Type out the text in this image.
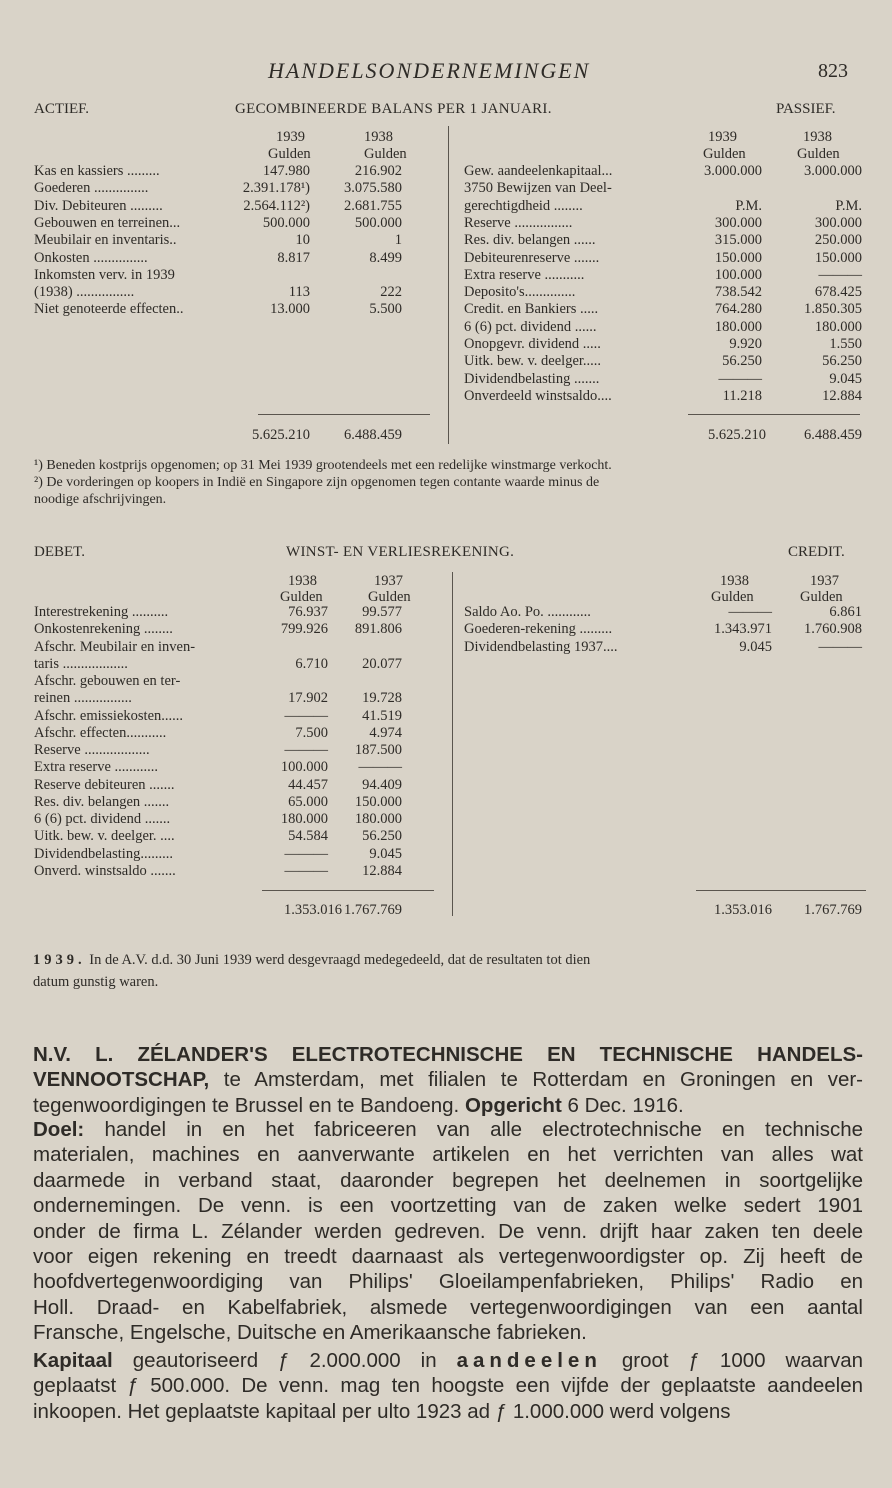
HANDELSONDERNEMINGEN	823
ACTIEF.	GECOMBINEERDE BALANS PER 1 JANUARI.	PASSIEF.
1939	1938
Gulden	Gulden
1939	1938
Gulden	Gulden
Kas en kassiers .........	147.980	216.902
Goederen ...............	2.391.178¹)	3.075.580
Div. Debiteuren .........	2.564.112²)	2.681.755
Gebouwen en terreinen...	500.000	500.000
Meubilair en inventaris..	10	1
Onkosten ...............	8.817	8.499
Inkomsten verv. in 1939
(1938) ................	113	222
Niet genoteerde effecten..	13.000	5.500
Gew. aandeelenkapitaal...	3.000.000	3.000.000
3750 Bewijzen van Deel-
gerechtigdheid ........	P.M.	P.M.
Reserve ................	300.000	300.000
Res. div. belangen ......	315.000	250.000
Debiteurenreserve .......	150.000	150.000
Extra reserve ...........	100.000	———
Deposito's..............	738.542	678.425
Credit. en Bankiers .....	764.280	1.850.305
6 (6) pct. dividend ......	180.000	180.000
Onopgevr. dividend .....	9.920	1.550
Uitk. bew. v. deelger.....	56.250	56.250
Dividendbelasting .......	———	9.045
Onverdeeld winstsaldo....	11.218	12.884
5.625.210	6.488.459	5.625.210	6.488.459
¹) Beneden kostprijs opgenomen; op 31 Mei 1939 grootendeels met een redelijke winstmarge verkocht.
²) De vorderingen op koopers in Indië en Singapore zijn opgenomen tegen contante waarde minus de
noodige afschrijvingen.
DEBET.	WINST- EN VERLIESREKENING.	CREDIT.
1938	1937
Gulden	Gulden
1938	1937
Gulden	Gulden
Interestrekening ..........	76.937	99.577
Onkostenrekening ........	799.926	891.806
Afschr. Meubilair en inven-
taris ..................	6.710	20.077
Afschr. gebouwen en ter-
reinen ................	17.902	19.728
Afschr. emissiekosten......	———	41.519
Afschr. effecten...........	7.500	4.974
Reserve ..................	———	187.500
Extra reserve ............	100.000	———
Reserve debiteuren .......	44.457	94.409
Res. div. belangen .......	65.000	150.000
6 (6) pct. dividend .......	180.000	180.000
Uitk. bew. v. deelger. ....	54.584	56.250
Dividendbelasting.........	———	9.045
Onverd. winstsaldo .......	———	12.884
Saldo Ao. Po. ............	———	6.861
Goederen-rekening .........	1.343.971	1.760.908
Dividendbelasting 1937....	9.045	———
1.353.016 1.767.769	1.353.016	1.767.769
1939. In de A.V. d.d. 30 Juni 1939 werd desgevraagd medegedeeld, dat de resultaten tot dien
datum gunstig waren.
N.V. L. ZÉLANDER'S ELECTROTECHNISCHE EN TECHNISCHE HANDELS-
VENNOOTSCHAP, te Amsterdam, met filialen te Rotterdam en Groningen en ver-
tegenwoordigingen te Brussel en te Bandoeng. Opgericht 6 Dec. 1916.
Doel: handel in en het fabriceeren van alle electrotechnische en technische
materialen, machines en aanverwante artikelen en het verrichten van alles wat
daarmede in verband staat, daaronder begrepen het deelnemen in soortgelijke
ondernemingen. De venn. is een voortzetting van de zaken welke sedert 1901
onder de firma L. Zélander werden gedreven. De venn. drijft haar zaken ten deele
voor eigen rekening en treedt daarnaast als vertegenwoordigster op. Zij heeft de
hoofdvertegenwoordiging van Philips' Gloeilampenfabrieken, Philips' Radio en
Holl. Draad- en Kabelfabriek, alsmede vertegenwoordigingen van een aantal
Fransche, Engelsche, Duitsche en Amerikaansche fabrieken.
Kapitaal geautoriseerd ƒ 2.000.000 in aandeelen groot ƒ 1000 waarvan
geplaatst ƒ 500.000. De venn. mag ten hoogste een vijfde der geplaatste aandeelen
inkoopen. Het geplaatste kapitaal per ulto 1923 ad ƒ 1.000.000 werd volgens
